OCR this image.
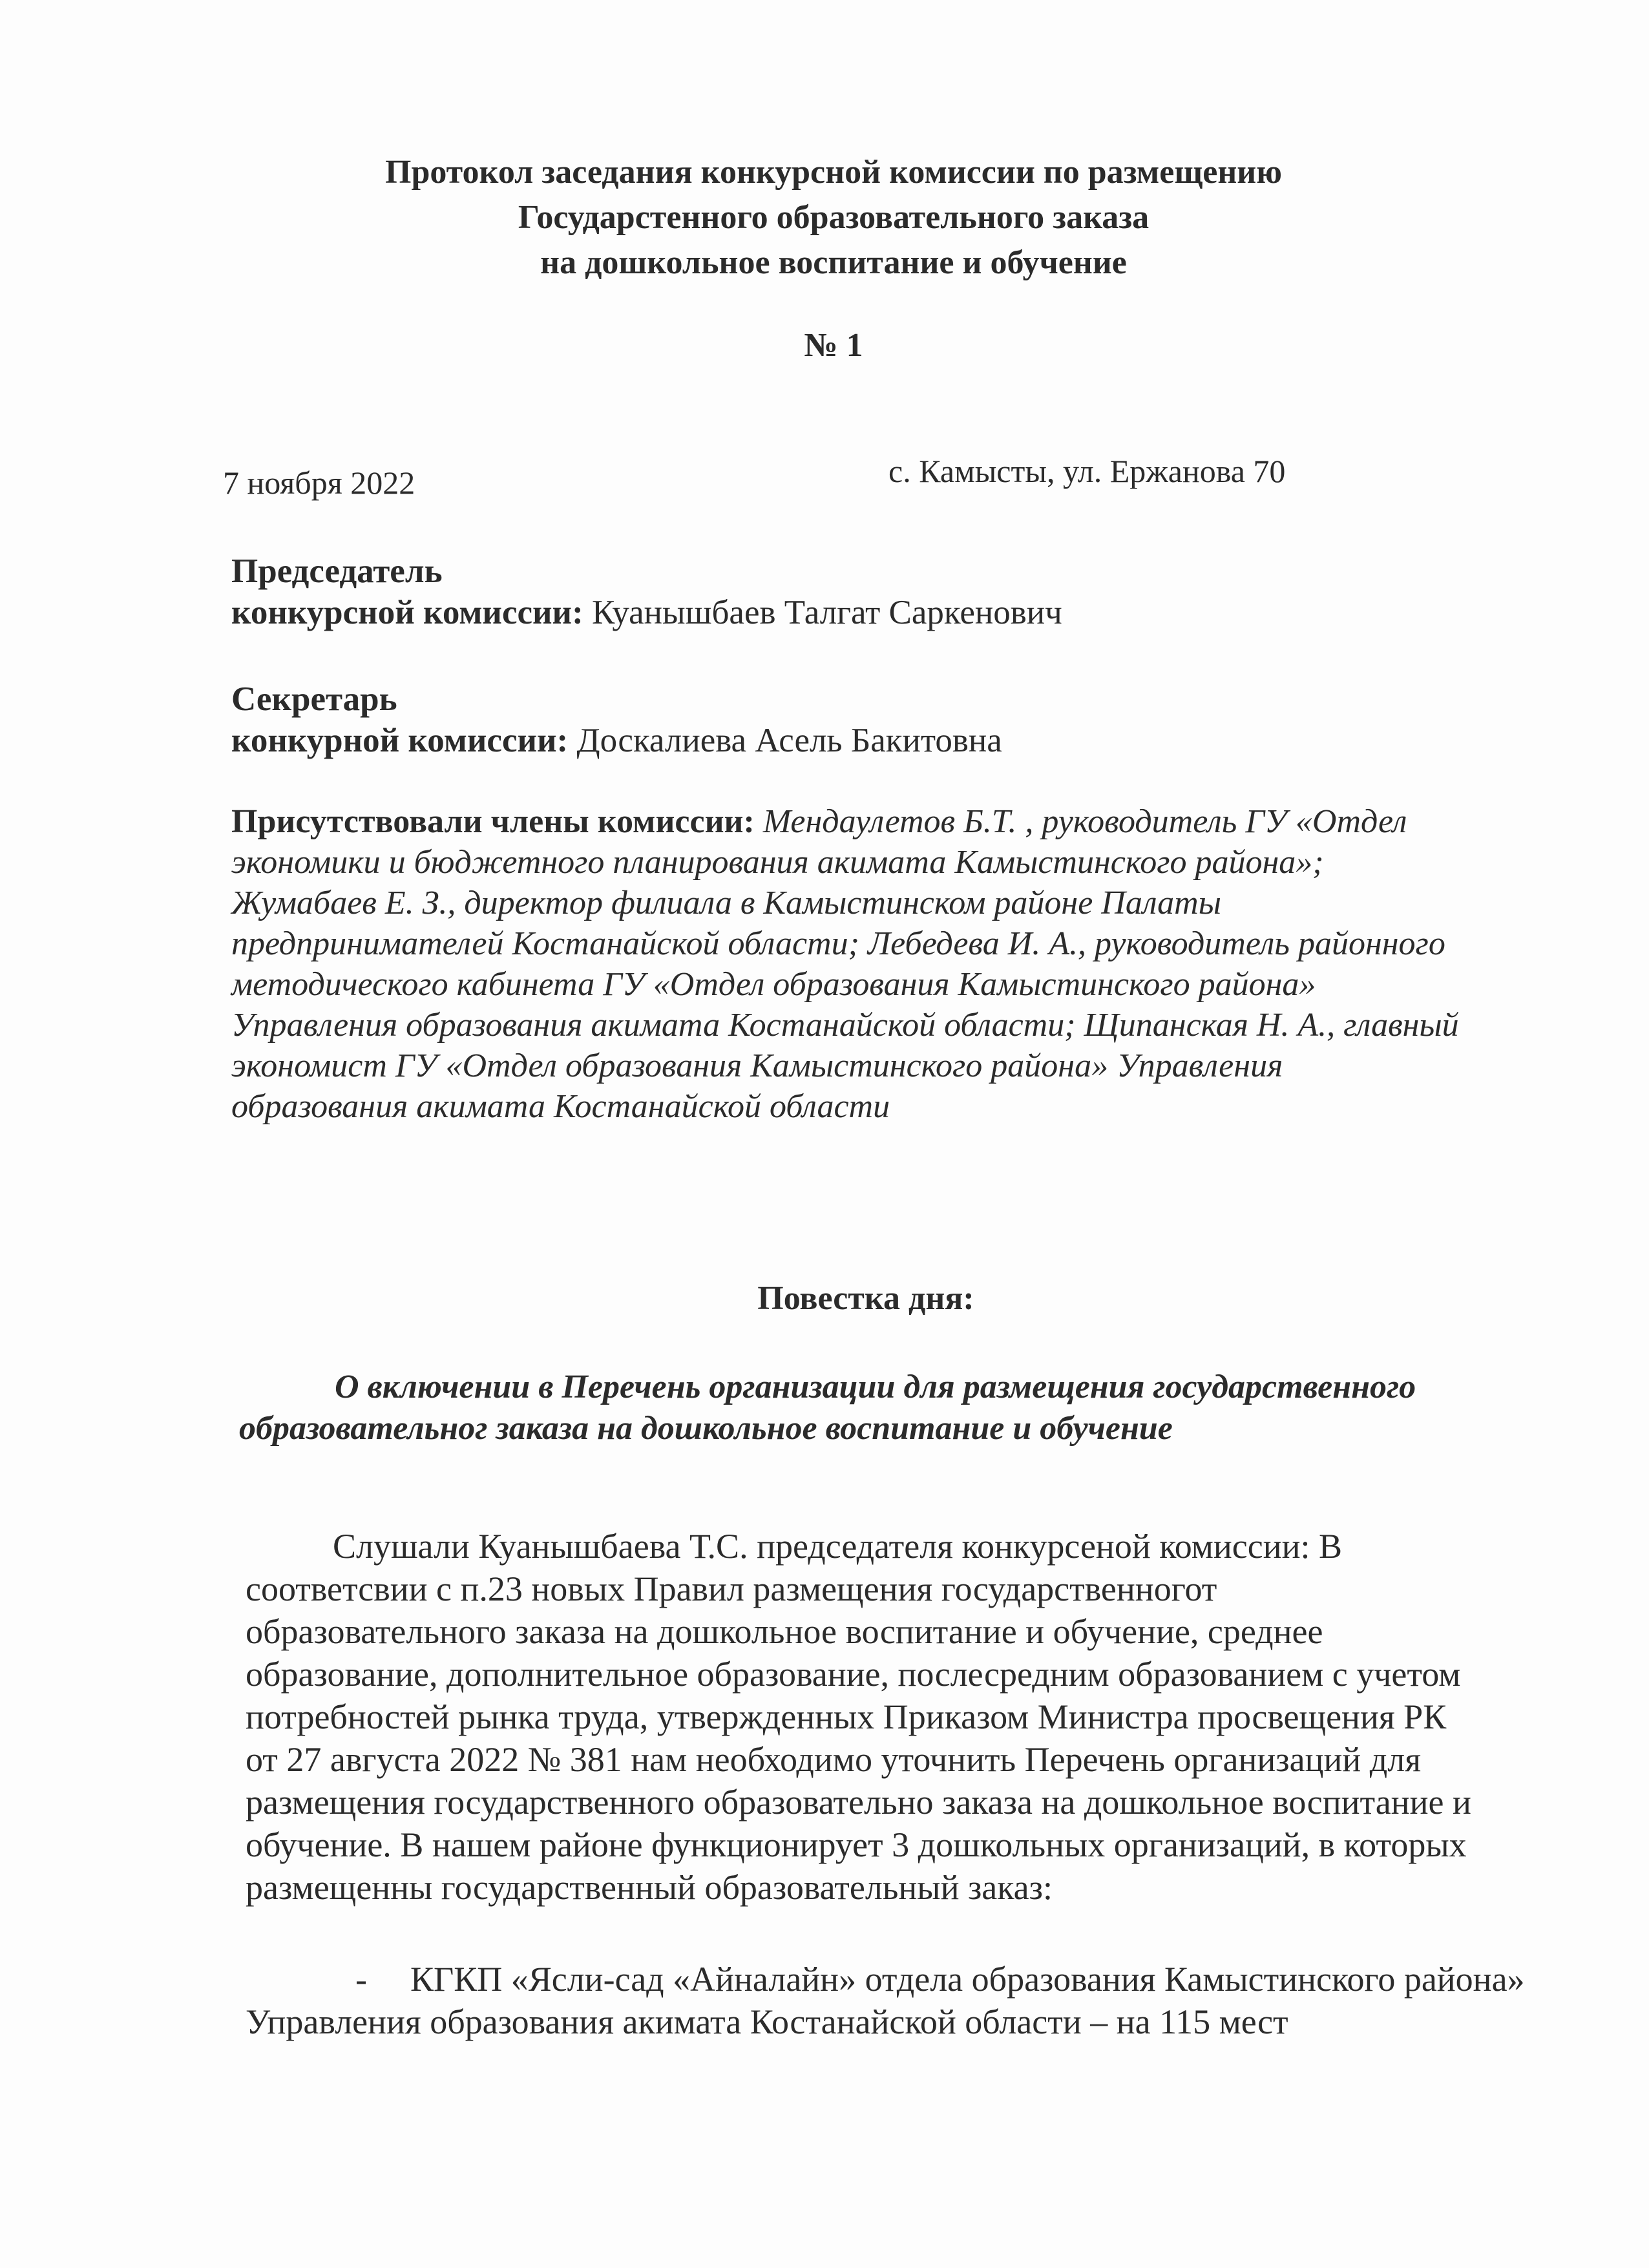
Протокол заседания конкурсной комиссии по размещению
Государстенного образовательного заказа
на дошкольное воспитание и обучение
№ 1
7 ноября 2022	с. Камысты, ул. Ержанова 70
Председатель
конкурсной комиссии: Куанышбаев Талгат Саркенович
Секретарь
конкурной комиссии: Доскалиева Асель Бакитовна
Присутствовали члены комиссии: Мендаулетов Б.Т. , руководитель ГУ «Отдел экономики и бюджетного планирования акимата Камыстинского района»; Жумабаев Е. З., директор филиала в Камыстинском районе Палаты предпринимателей Костанайской области; Лебедева И. А., руководитель районного методического кабинета ГУ «Отдел образования Камыстинского района» Управления образования акимата Костанайской области; Щипанская Н. А., главный экономист ГУ «Отдел образования Камыстинского района» Управления образования акимата Костанайской области
Повестка дня:
О включении в Перечень организации для размещения государственного образовательног заказа на дошкольное воспитание и обучение
Слушали Куанышбаева Т.С. председателя конкурсеной комиссии: В соответсвии с п.23 новых Правил размещения государственногот образовательного заказа на дошкольное воспитание и обучение, среднее образование, дополнительное образование, послесредним образованием с учетом потребностей рынка труда, утвержденных Приказом Министра просвещения РК от 27 августа 2022 № 381 нам необходимо уточнить Перечень организаций для размещения государственного образовательно заказа на дошкольное воспитание и обучение. В нашем районе функционирует 3 дошкольных организаций, в которых размещенны государственный образовательный заказ:
- КГКП «Ясли-сад «Айналайн» отдела образования Камыстинского района» Управления образования акимата Костанайской области – на 115 мест
